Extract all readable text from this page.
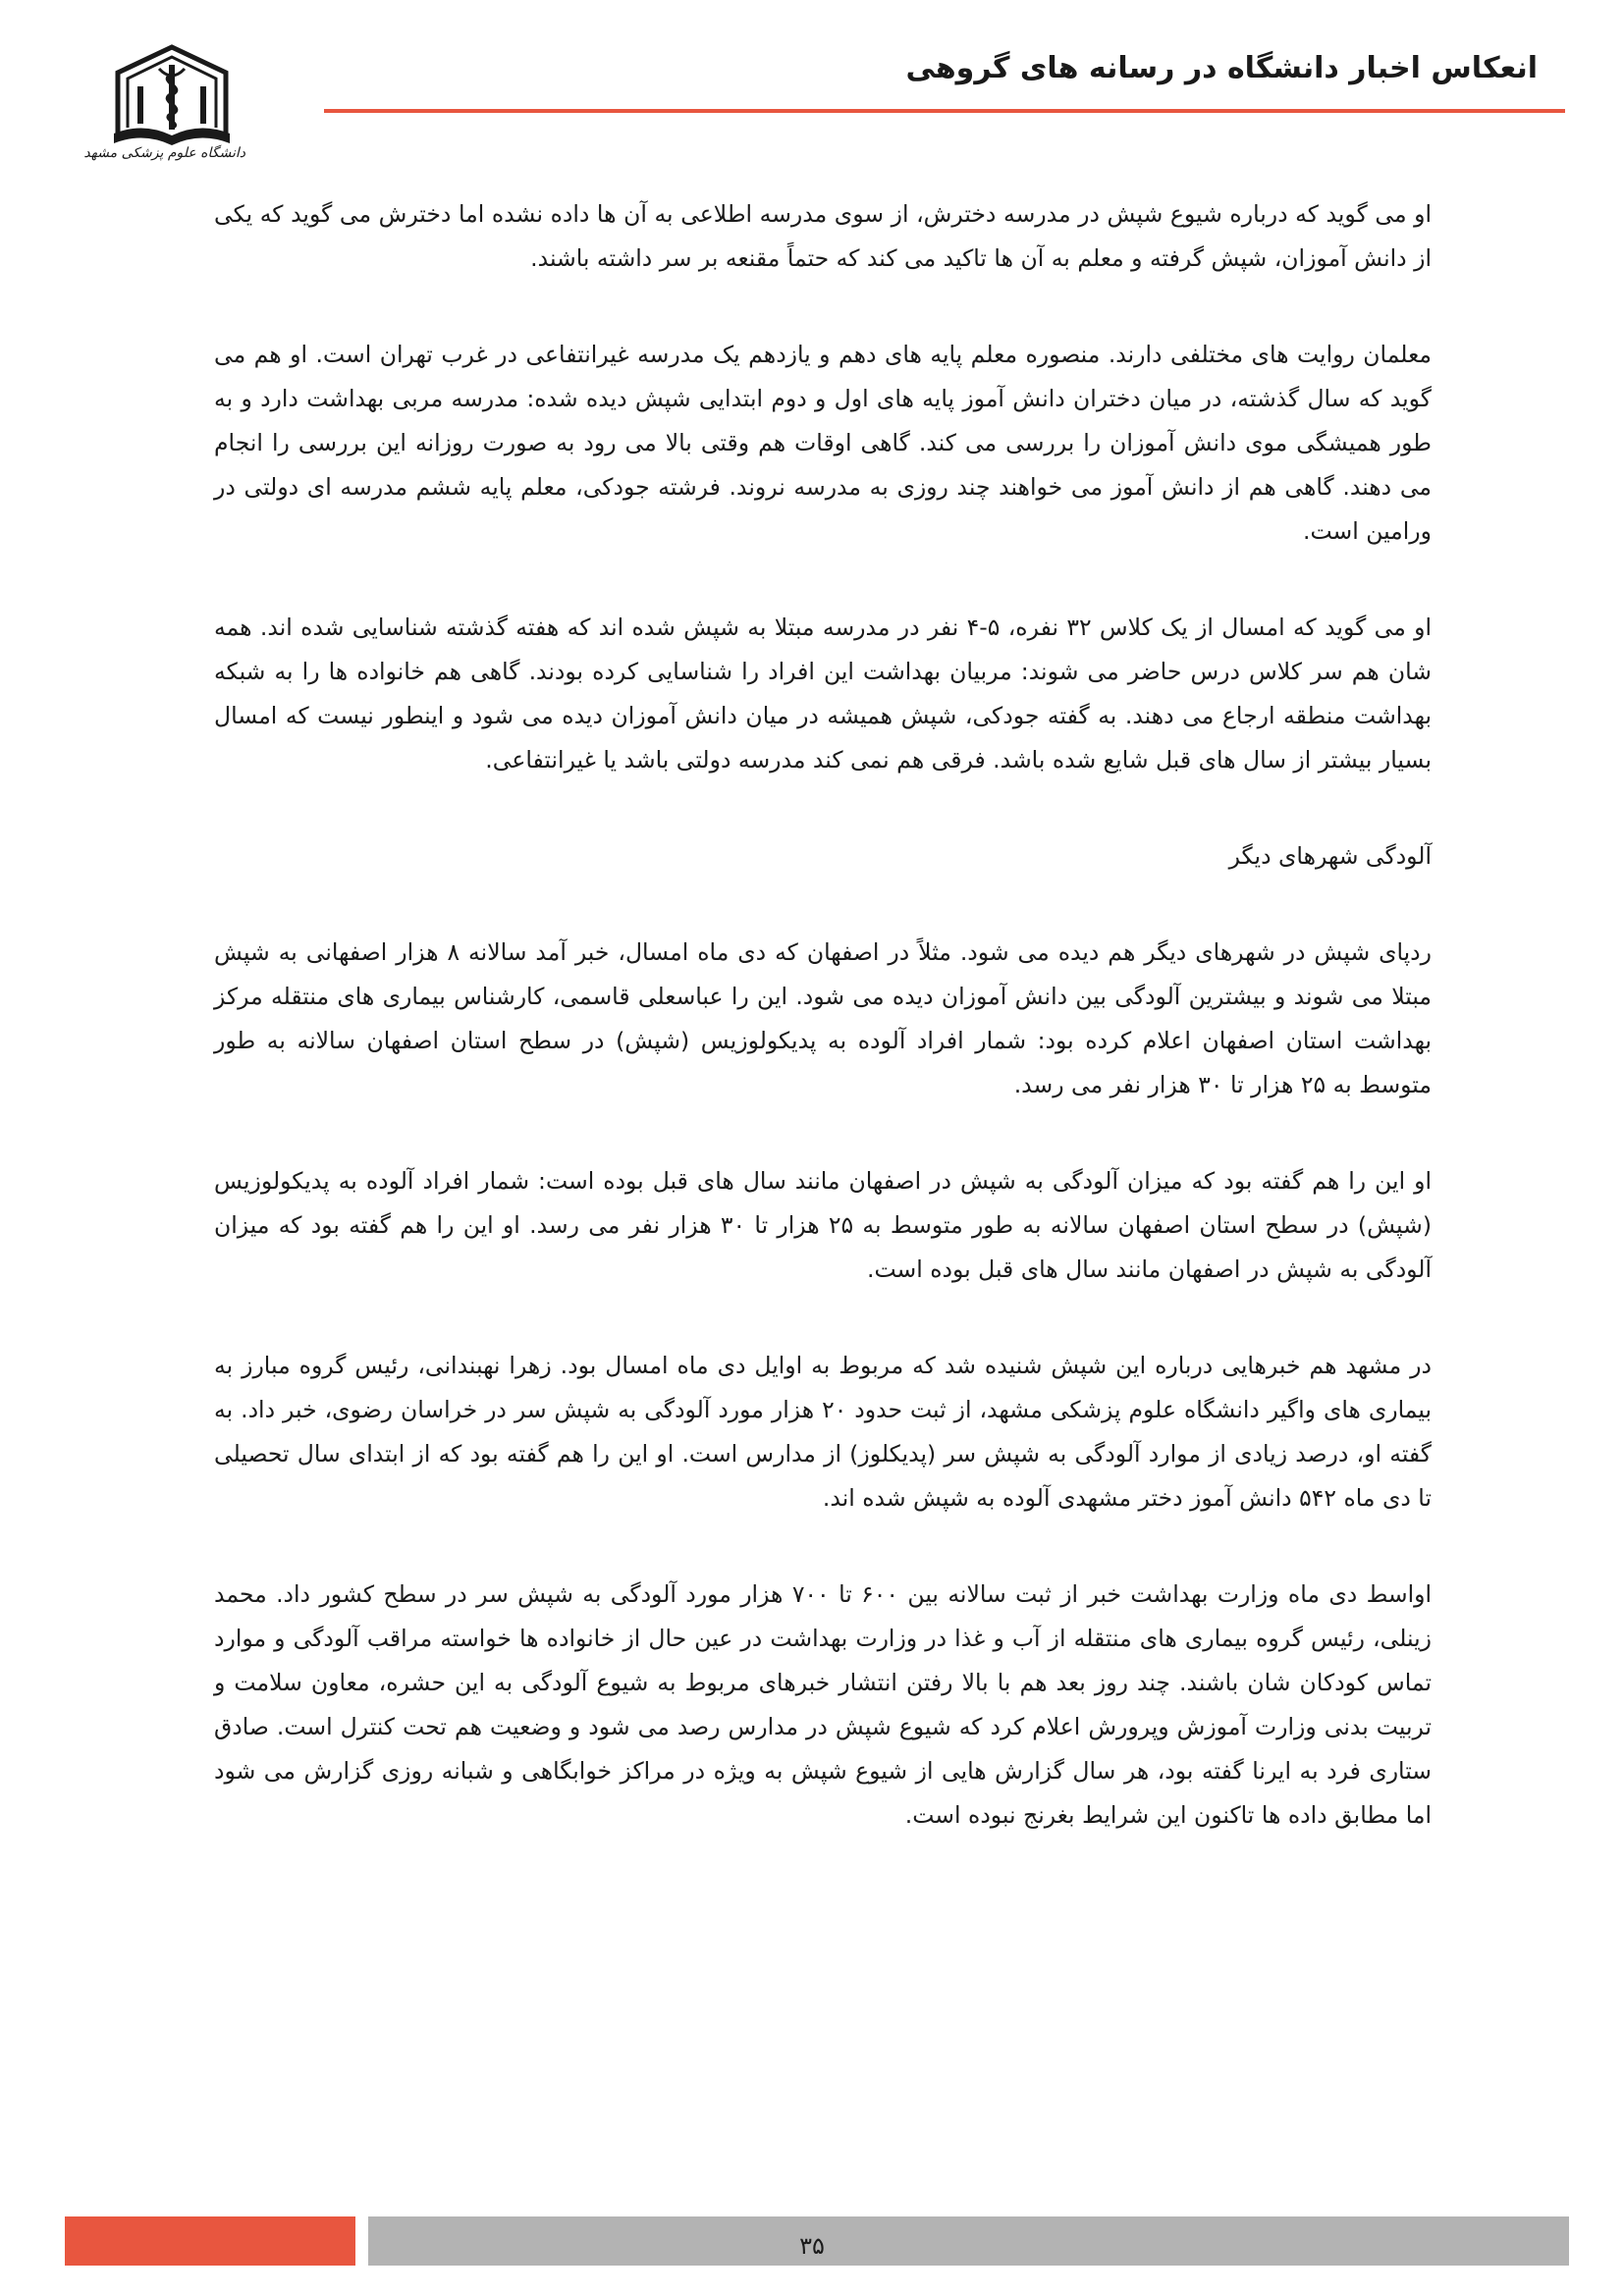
دانشگاه علوم پزشکی مشهد
انعکاس اخبار دانشگاه در رسانه های گروهی

او می گوید که درباره شیوع شپش در مدرسه دخترش، از سوی مدرسه اطلاعی به آن ها داده نشده اما دخترش می گوید که یکی از دانش آموزان، شپش گرفته و معلم به آن ها تاکید می کند که حتماً مقنعه بر سر داشته باشند.

معلمان روایت های مختلفی دارند. منصوره معلم پایه های دهم و یازدهم یک مدرسه غیرانتفاعی در غرب تهران است. او هم می گوید که سال گذشته، در میان دختران دانش آموز پایه های اول و دوم ابتدایی شپش دیده شده: مدرسه مربی بهداشت دارد و به طور همیشگی موی دانش آموزان را بررسی می کند. گاهی اوقات هم وقتی بالا می رود به صورت روزانه این بررسی را انجام می دهند. گاهی هم از دانش آموز می خواهند چند روزی به مدرسه نروند. فرشته جودکی، معلم پایه ششم مدرسه ای دولتی در ورامین است.

او می گوید که امسال از یک کلاس ۳۲ نفره، ۵-۴ نفر در مدرسه مبتلا به شپش شده اند که هفته گذشته شناسایی شده اند. همه شان هم سر کلاس درس حاضر می شوند: مربیان بهداشت این افراد را شناسایی کرده بودند. گاهی هم خانواده ها را به شبکه بهداشت منطقه ارجاع می دهند. به گفته جودکی، شپش همیشه در میان دانش آموزان دیده می شود و اینطور نیست که امسال بسیار بیشتر از سال های قبل شایع شده باشد. فرقی هم نمی کند مدرسه دولتی باشد یا غیرانتفاعی.

آلودگی شهرهای دیگر

ردپای شپش در شهرهای دیگر هم دیده می شود. مثلاً در اصفهان که دی ماه امسال، خبر آمد سالانه ۸ هزار اصفهانی به شپش مبتلا می شوند و بیشترین آلودگی بین دانش آموزان دیده می شود. این را عباسعلی قاسمی، کارشناس بیماری های منتقله مرکز بهداشت استان اصفهان اعلام کرده بود: شمار افراد آلوده به پدیکولوزیس (شپش) در سطح استان اصفهان سالانه به طور متوسط به ۲۵ هزار تا ۳۰ هزار نفر می رسد.

او این را هم گفته بود که میزان آلودگی به شپش در اصفهان مانند سال های قبل بوده است: شمار افراد آلوده به پدیکولوزیس (شپش) در سطح استان اصفهان سالانه به طور متوسط به ۲۵ هزار تا ۳۰ هزار نفر می رسد. او این را هم گفته بود که میزان آلودگی به شپش در اصفهان مانند سال های قبل بوده است.

در مشهد هم خبرهایی درباره این شپش شنیده شد که مربوط به اوایل دی ماه امسال بود. زهرا نهبندانی، رئیس گروه مبارز به بیماری های واگیر دانشگاه علوم پزشکی مشهد، از ثبت حدود ۲۰ هزار مورد آلودگی به شپش سر در خراسان رضوی، خبر داد. به گفته او، درصد زیادی از موارد آلودگی به شپش سر (پدیکلوز) از مدارس است. او این را هم گفته بود که از ابتدای سال تحصیلی تا دی ماه ۵۴۲ دانش آموز دختر مشهدی آلوده به شپش شده اند.

اواسط دی ماه وزارت بهداشت خبر از ثبت سالانه بین ۶۰۰ تا ۷۰۰ هزار مورد آلودگی به شپش سر در سطح کشور داد. محمد زینلی، رئیس گروه بیماری های منتقله از آب و غذا در وزارت بهداشت در عین حال از خانواده ها خواسته مراقب آلودگی و موارد تماس کودکان شان باشند. چند روز بعد هم با بالا رفتن انتشار خبرهای مربوط به شیوع آلودگی به این حشره، معاون سلامت و تربیت بدنی وزارت آموزش وپرورش اعلام کرد که شیوع شپش در مدارس رصد می شود و وضعیت هم تحت کنترل است. صادق ستاری فرد به ایرنا گفته بود، هر سال گزارش هایی از شیوع شپش به ویژه در مراکز خوابگاهی و شبانه روزی گزارش می شود اما مطابق داده ها تاکنون این شرایط بغرنج نبوده است.

۳۵
